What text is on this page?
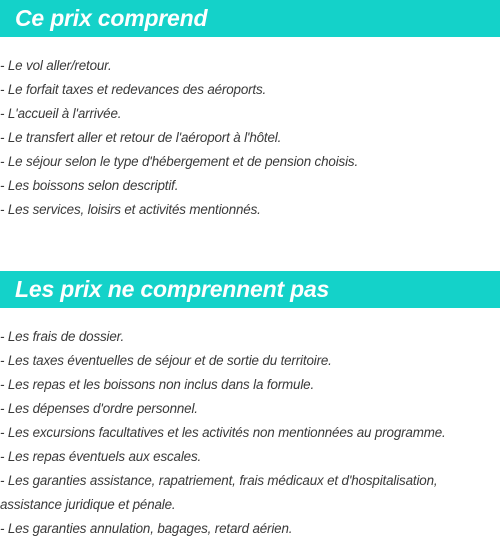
Ce prix comprend
- Le vol aller/retour.
- Le forfait taxes et redevances des aéroports.
- L'accueil à l'arrivée.
- Le transfert aller et retour de l'aéroport à l'hôtel.
- Le séjour selon le type d'hébergement et de pension choisis.
- Les boissons selon descriptif.
- Les services, loisirs et activités mentionnés.
Les prix ne comprennent pas
- Les frais de dossier.
- Les taxes éventuelles de séjour et de sortie du territoire.
- Les repas et les boissons non inclus dans la formule.
- Les dépenses d'ordre personnel.
- Les excursions facultatives et les activités non mentionnées au programme.
- Les repas éventuels aux escales.
- Les garanties assistance, rapatriement, frais médicaux et d'hospitalisation, assistance juridique et pénale.
- Les garanties annulation, bagages, retard aérien.
